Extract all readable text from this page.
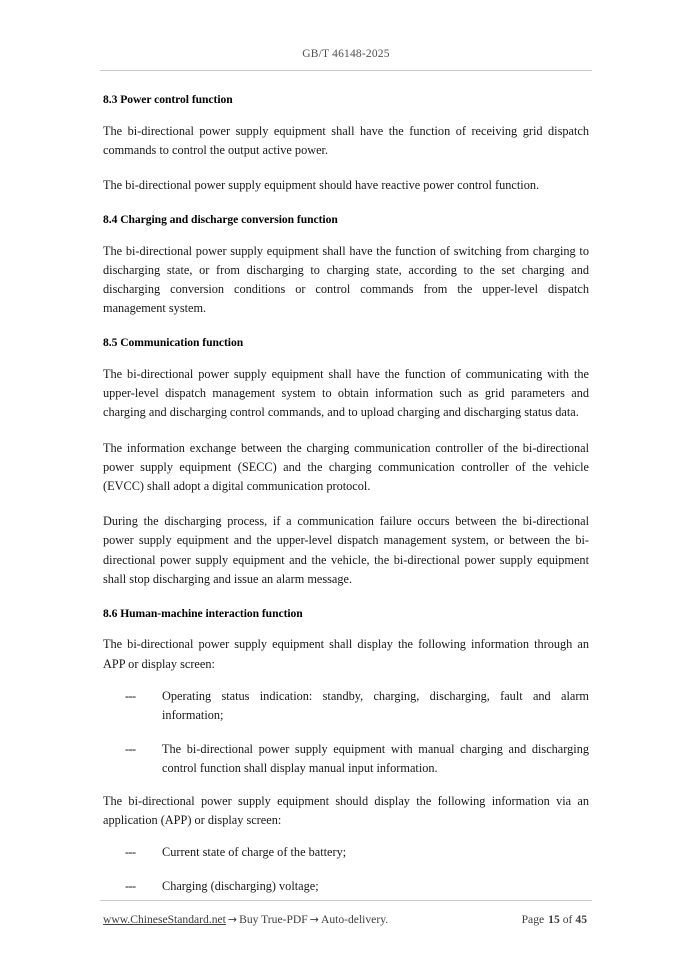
GB/T 46148-2025
8.3 Power control function

The bi-directional power supply equipment shall have the function of receiving grid dispatch commands to control the output active power.

The bi-directional power supply equipment should have reactive power control function.

8.4 Charging and discharge conversion function

The bi-directional power supply equipment shall have the function of switching from charging to discharging state, or from discharging to charging state, according to the set charging and discharging conversion conditions or control commands from the upper-level dispatch management system.

8.5 Communication function

The bi-directional power supply equipment shall have the function of communicating with the upper-level dispatch management system to obtain information such as grid parameters and charging and discharging control commands, and to upload charging and discharging status data.

The information exchange between the charging communication controller of the bi-directional power supply equipment (SECC) and the charging communication controller of the vehicle (EVCC) shall adopt a digital communication protocol.

During the discharging process, if a communication failure occurs between the bi-directional power supply equipment and the upper-level dispatch management system, or between the bi-directional power supply equipment and the vehicle, the bi-directional power supply equipment shall stop discharging and issue an alarm message.

8.6 Human-machine interaction function

The bi-directional power supply equipment shall display the following information through an APP or display screen:

--- Operating status indication: standby, charging, discharging, fault and alarm information;
--- The bi-directional power supply equipment with manual charging and discharging control function shall display manual input information.

The bi-directional power supply equipment should display the following information via an application (APP) or display screen:

--- Current state of charge of the battery;
--- Charging (discharging) voltage;
www.ChineseStandard.net → Buy True-PDF → Auto-delivery.	Page 15 of 45
